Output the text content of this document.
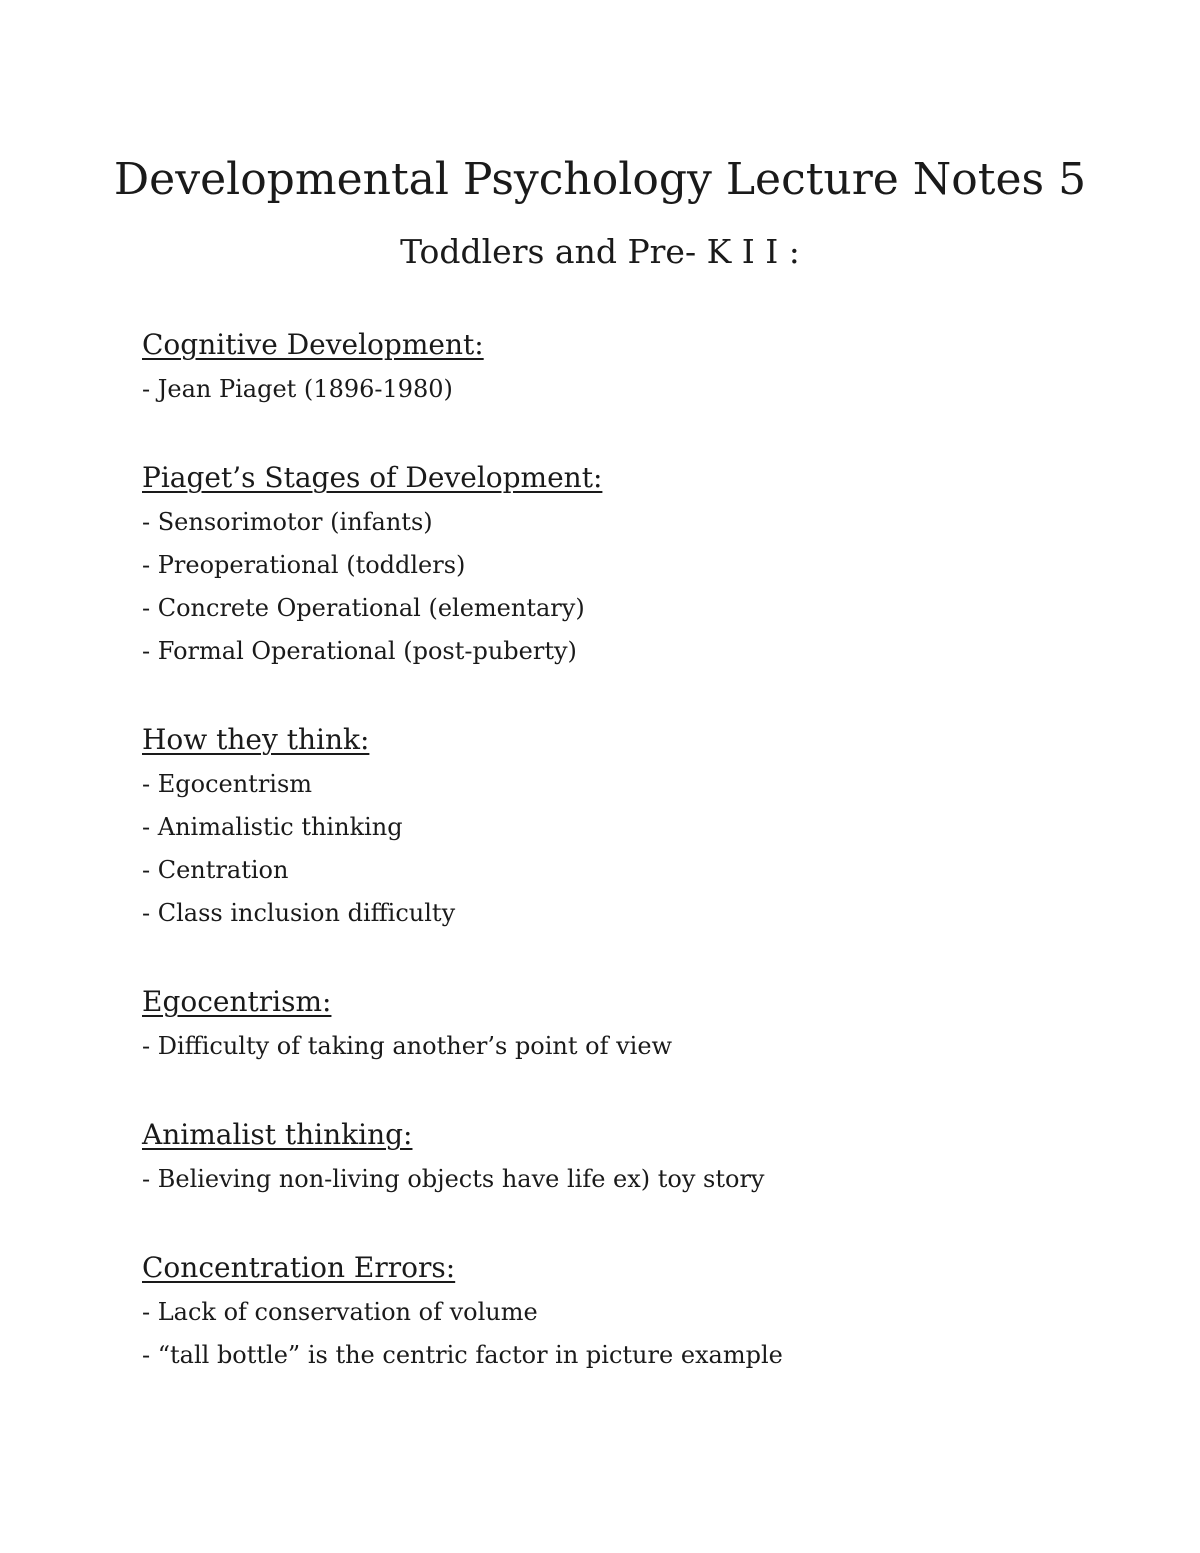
Developmental Psychology Lecture Notes 5
Toddlers and Pre- K I I :
Cognitive Development:
- Jean Piaget (1896-1980)
Piaget’s Stages of Development:
- Sensorimotor (infants)
- Preoperational (toddlers)
- Concrete Operational (elementary)
- Formal Operational (post-puberty)
How they think:
- Egocentrism
- Animalistic thinking
- Centration
- Class inclusion difficulty
Egocentrism:
- Difficulty of taking another’s point of view
Animalist thinking:
- Believing non-living objects have life ex) toy story
Concentration Errors:
- Lack of conservation of volume
- “tall bottle” is the centric factor in picture example
